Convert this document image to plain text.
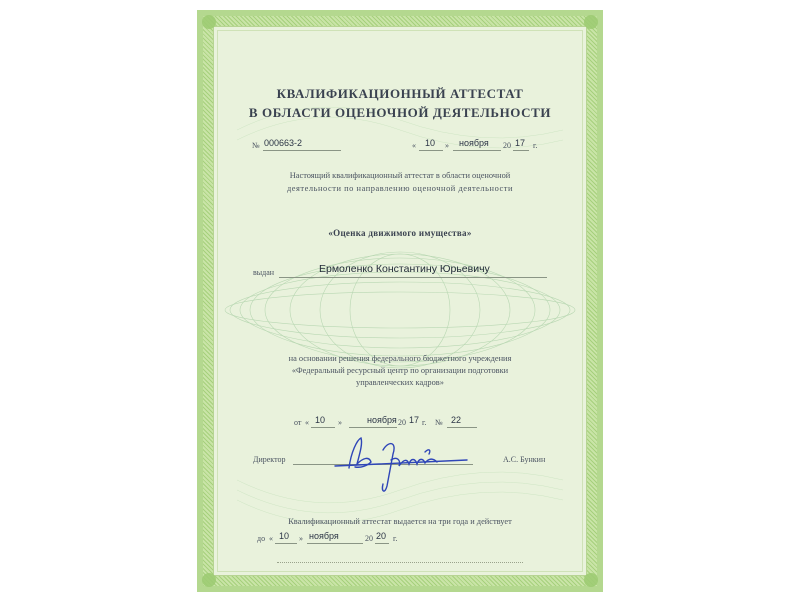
КВАЛИФИКАЦИОННЫЙ АТТЕСТАТ
В ОБЛАСТИ ОЦЕНОЧНОЙ ДЕЯТЕЛЬНОСТИ
№ 000663-2	« 10 » ноября 20 17 г.
Настоящий квалификационный аттестат в области оценочной
деятельности по направлению оценочной деятельности
«Оценка движимого имущества»
выдан	Ермоленко Константину Юрьевичу
на основании решения федерального бюджетного учреждения
«Федеральный ресурсный центр по организации подготовки
управленческих кадров»
от « 10 »	ноября 20 17 г. № 22
Директор	А.С. Бункин
Квалификационный аттестат выдается на три года и действует
до « 10 » ноября	20 20 г.
